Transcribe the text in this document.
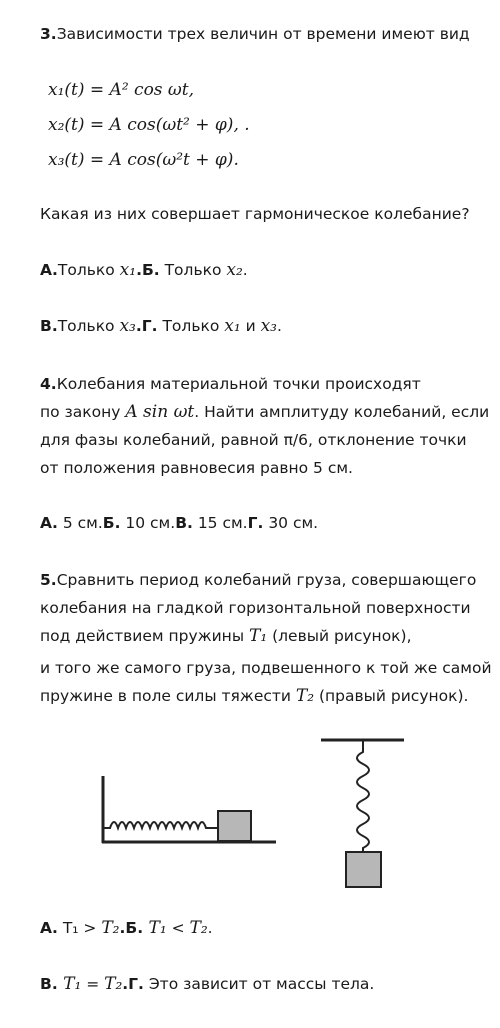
3.Зависимости трех величин от времени имеют вид
x₁(t) = A² cos ωt,
x₂(t) = A cos(ωt² + φ), .
x₃(t) = A cos(ω²t + φ).
Какая из них совершает гармоническое колебание?
А.Только x₁.Б. Только x₂.
В.Только x₃.Г. Только x₁ и x₃.
4.Колебания материальной точки происходят
по закону A sin ωt. Найти амплитуду колебаний, если
для фазы колебаний, равной π/6, отклонение точки
от положения равновесия равно 5 см.
А. 5 см.Б. 10 см.В. 15 см.Г. 30 см.
5.Сравнить период колебаний груза, совершающего
колебания на гладкой горизонтальной поверхности
под действием пружины T₁ (левый рисунок),
и того же самого груза, подвешенного к той же самой
пружине в поле силы тяжести T₂ (правый рисунок).
А. T₁ > T₂.Б. T₁ < T₂.
В. T₁ = T₂.Г. Это зависит от массы тела.
